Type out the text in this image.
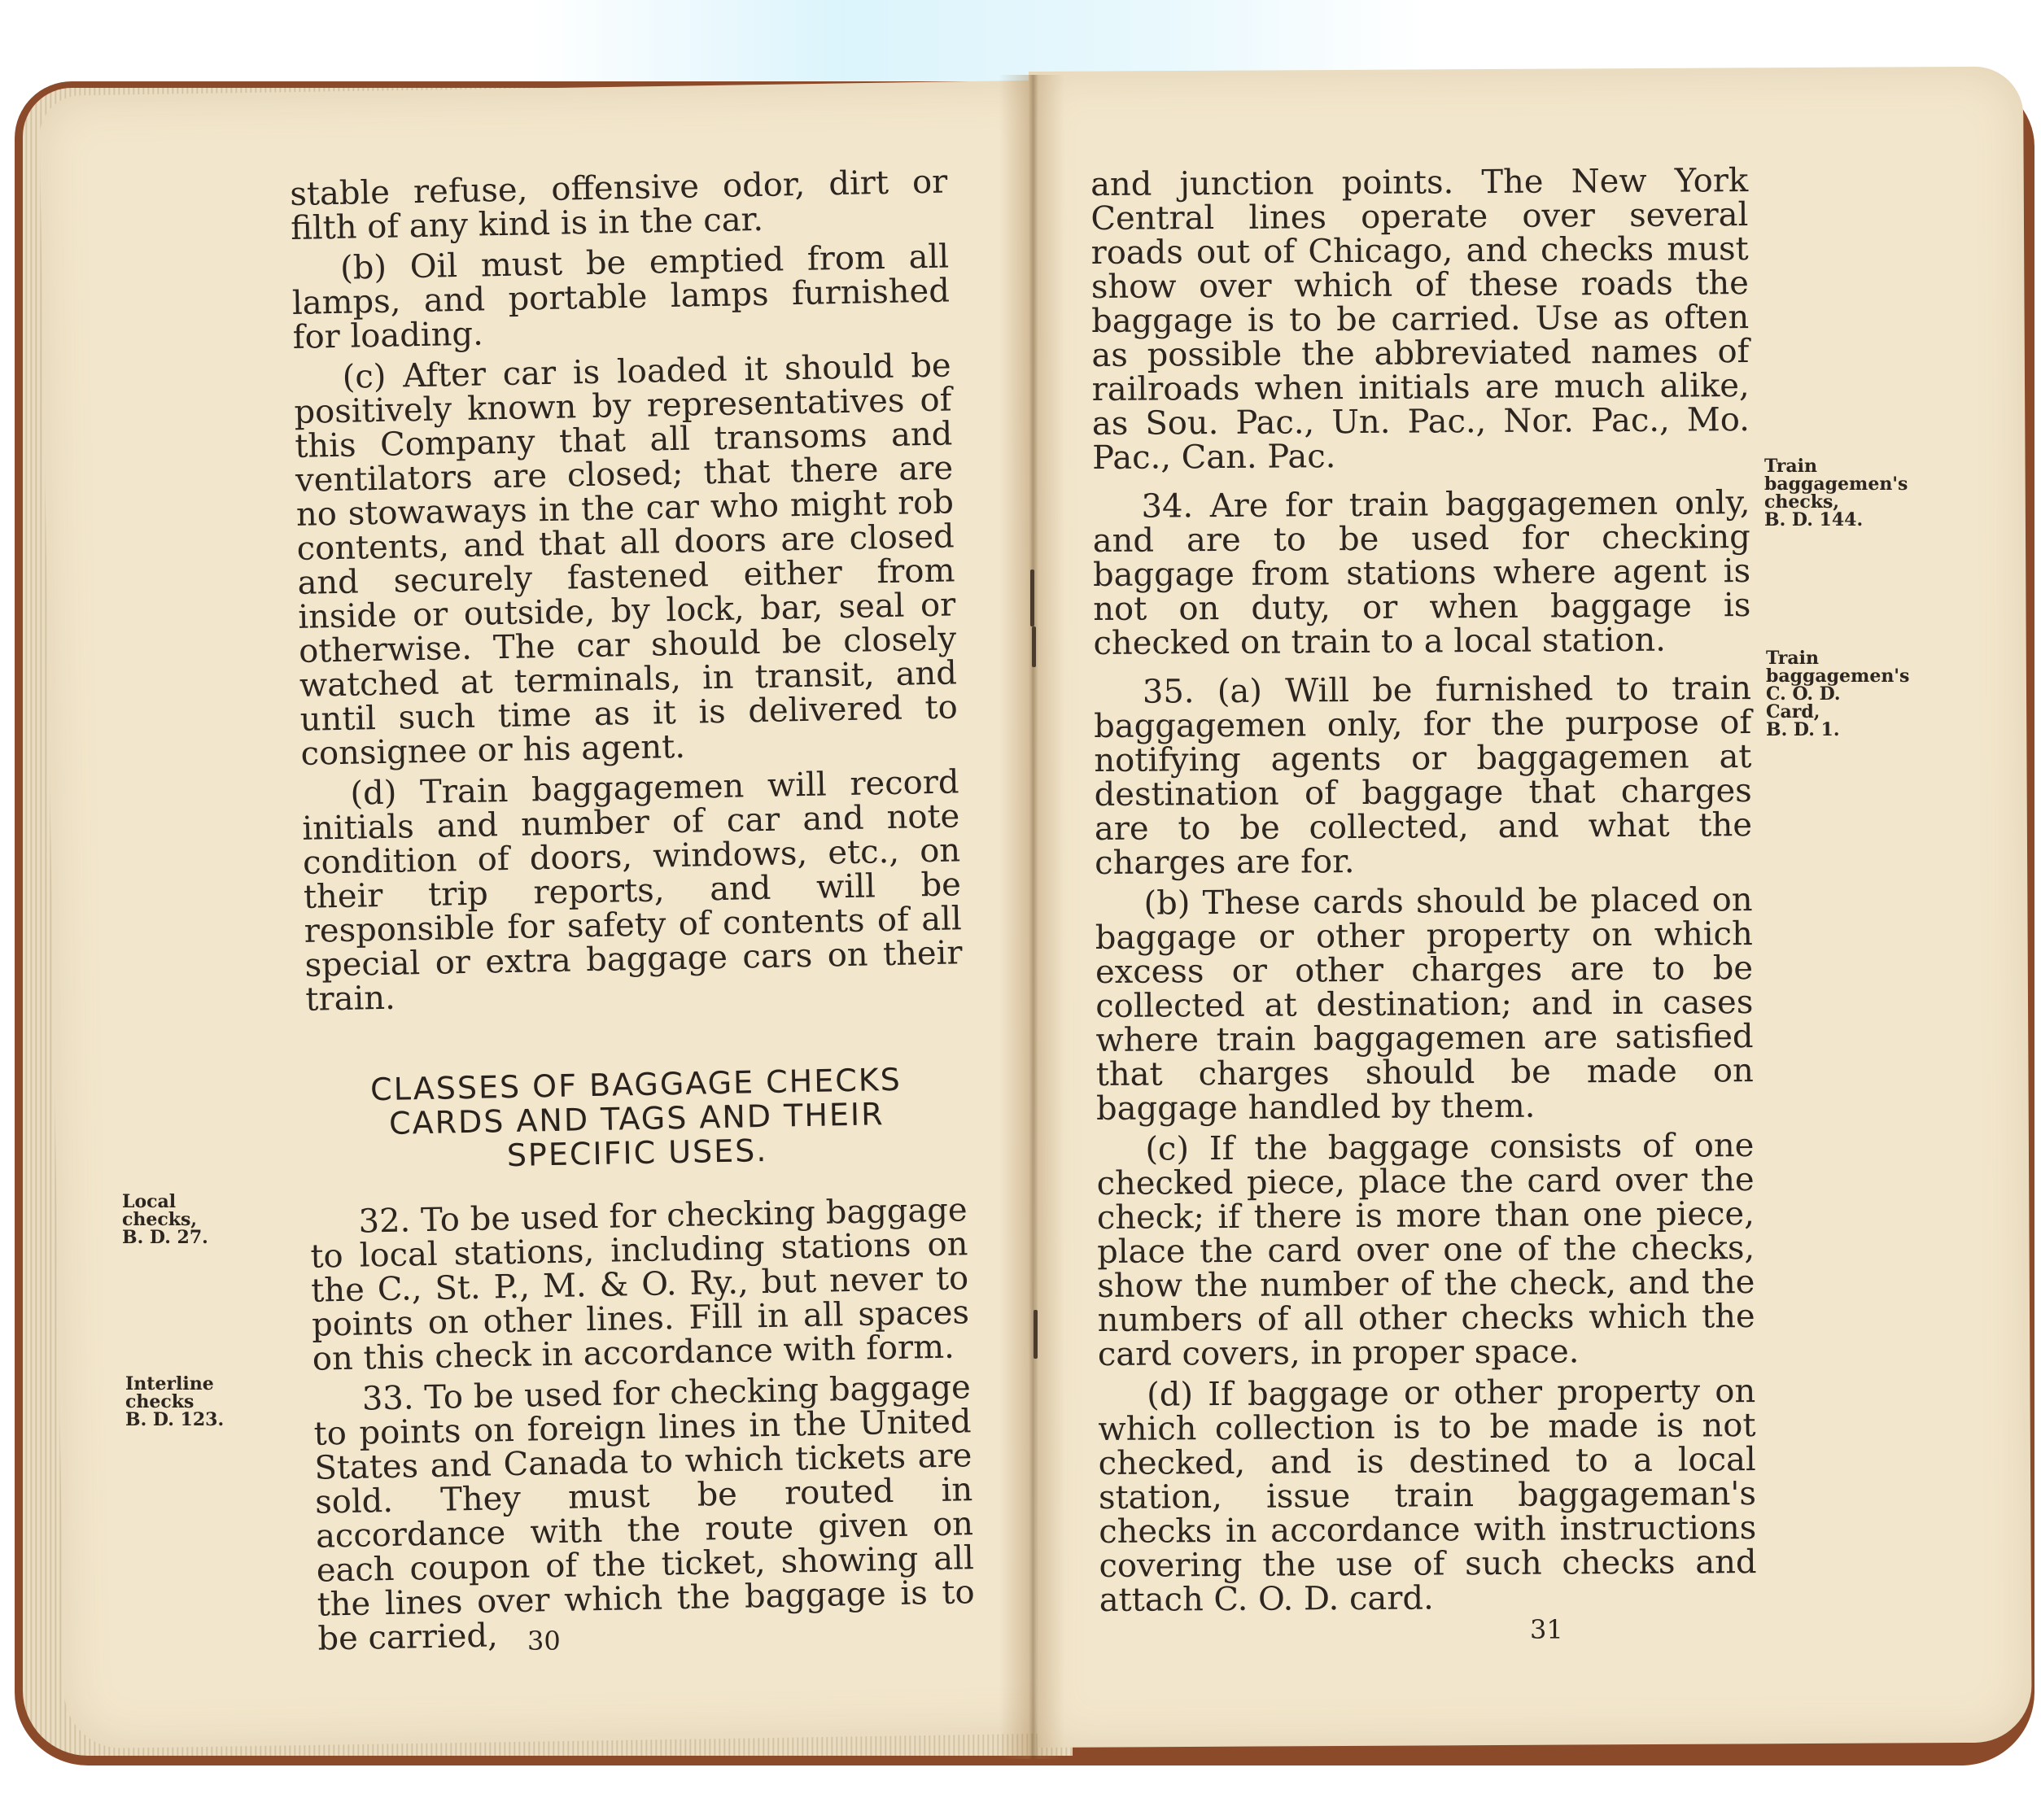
stable refuse, offensive odor, dirt or filth of any kind is in the car.

(b) Oil must be emptied from all lamps, and portable lamps furnished for loading.

(c) After car is loaded it should be positively known by representatives of this Company that all transoms and ventilators are closed; that there are no stowaways in the car who might rob contents, and that all doors are closed and securely fastened either from inside or outside, by lock, bar, seal or otherwise. The car should be closely watched at terminals, in transit, and until such time as it is delivered to consignee or his agent.

(d) Train baggagemen will record initials and number of car and note condition of doors, windows, etc., on their trip reports, and will be responsible for safety of contents of all special or extra baggage cars on their train.

CLASSES OF BAGGAGE CHECKS
CARDS AND TAGS AND THEIR
SPECIFIC USES.

32. To be used for checking baggage to local stations, including stations on the C., St. P., M. & O. Ry., but never to points on other lines. Fill in all spaces on this check in accordance with form.

33. To be used for checking baggage to points on foreign lines in the United States and Canada to which tickets are sold. They must be routed in accordance with the route given on each coupon of the ticket, showing all the lines over which the baggage is to be carried,

Local
checks,
B. D. 27.
Interline
checks
B. D. 123.
30

and junction points. The New York Central lines operate over several roads out of Chicago, and checks must show over which of these roads the baggage is to be carried. Use as often as possible the abbreviated names of railroads when initials are much alike, as Sou. Pac., Un. Pac., Nor. Pac., Mo. Pac., Can. Pac.

34. Are for train baggagemen only, and are to be used for checking baggage from stations where agent is not on duty, or when baggage is checked on train to a local station.

35. (a) Will be furnished to train baggagemen only, for the purpose of notifying agents or baggagemen at destination of baggage that charges are to be collected, and what the charges are for.

(b) These cards should be placed on baggage or other property on which excess or other charges are to be collected at destination; and in cases where train baggagemen are satisfied that charges should be made on baggage handled by them.

(c) If the baggage consists of one checked piece, place the card over the check; if there is more than one piece, place the card over one of the checks, show the number of the check, and the numbers of all other checks which the card covers, in proper space.

(d) If baggage or other property on which collection is to be made is not checked, and is destined to a local station, issue train baggageman's checks in accordance with instructions covering the use of such checks and attach C. O. D. card.

Train
baggagemen's
checks,
B. D. 144.
Train
baggagemen's
C. O. D.
Card,
B. D. 1.
31
